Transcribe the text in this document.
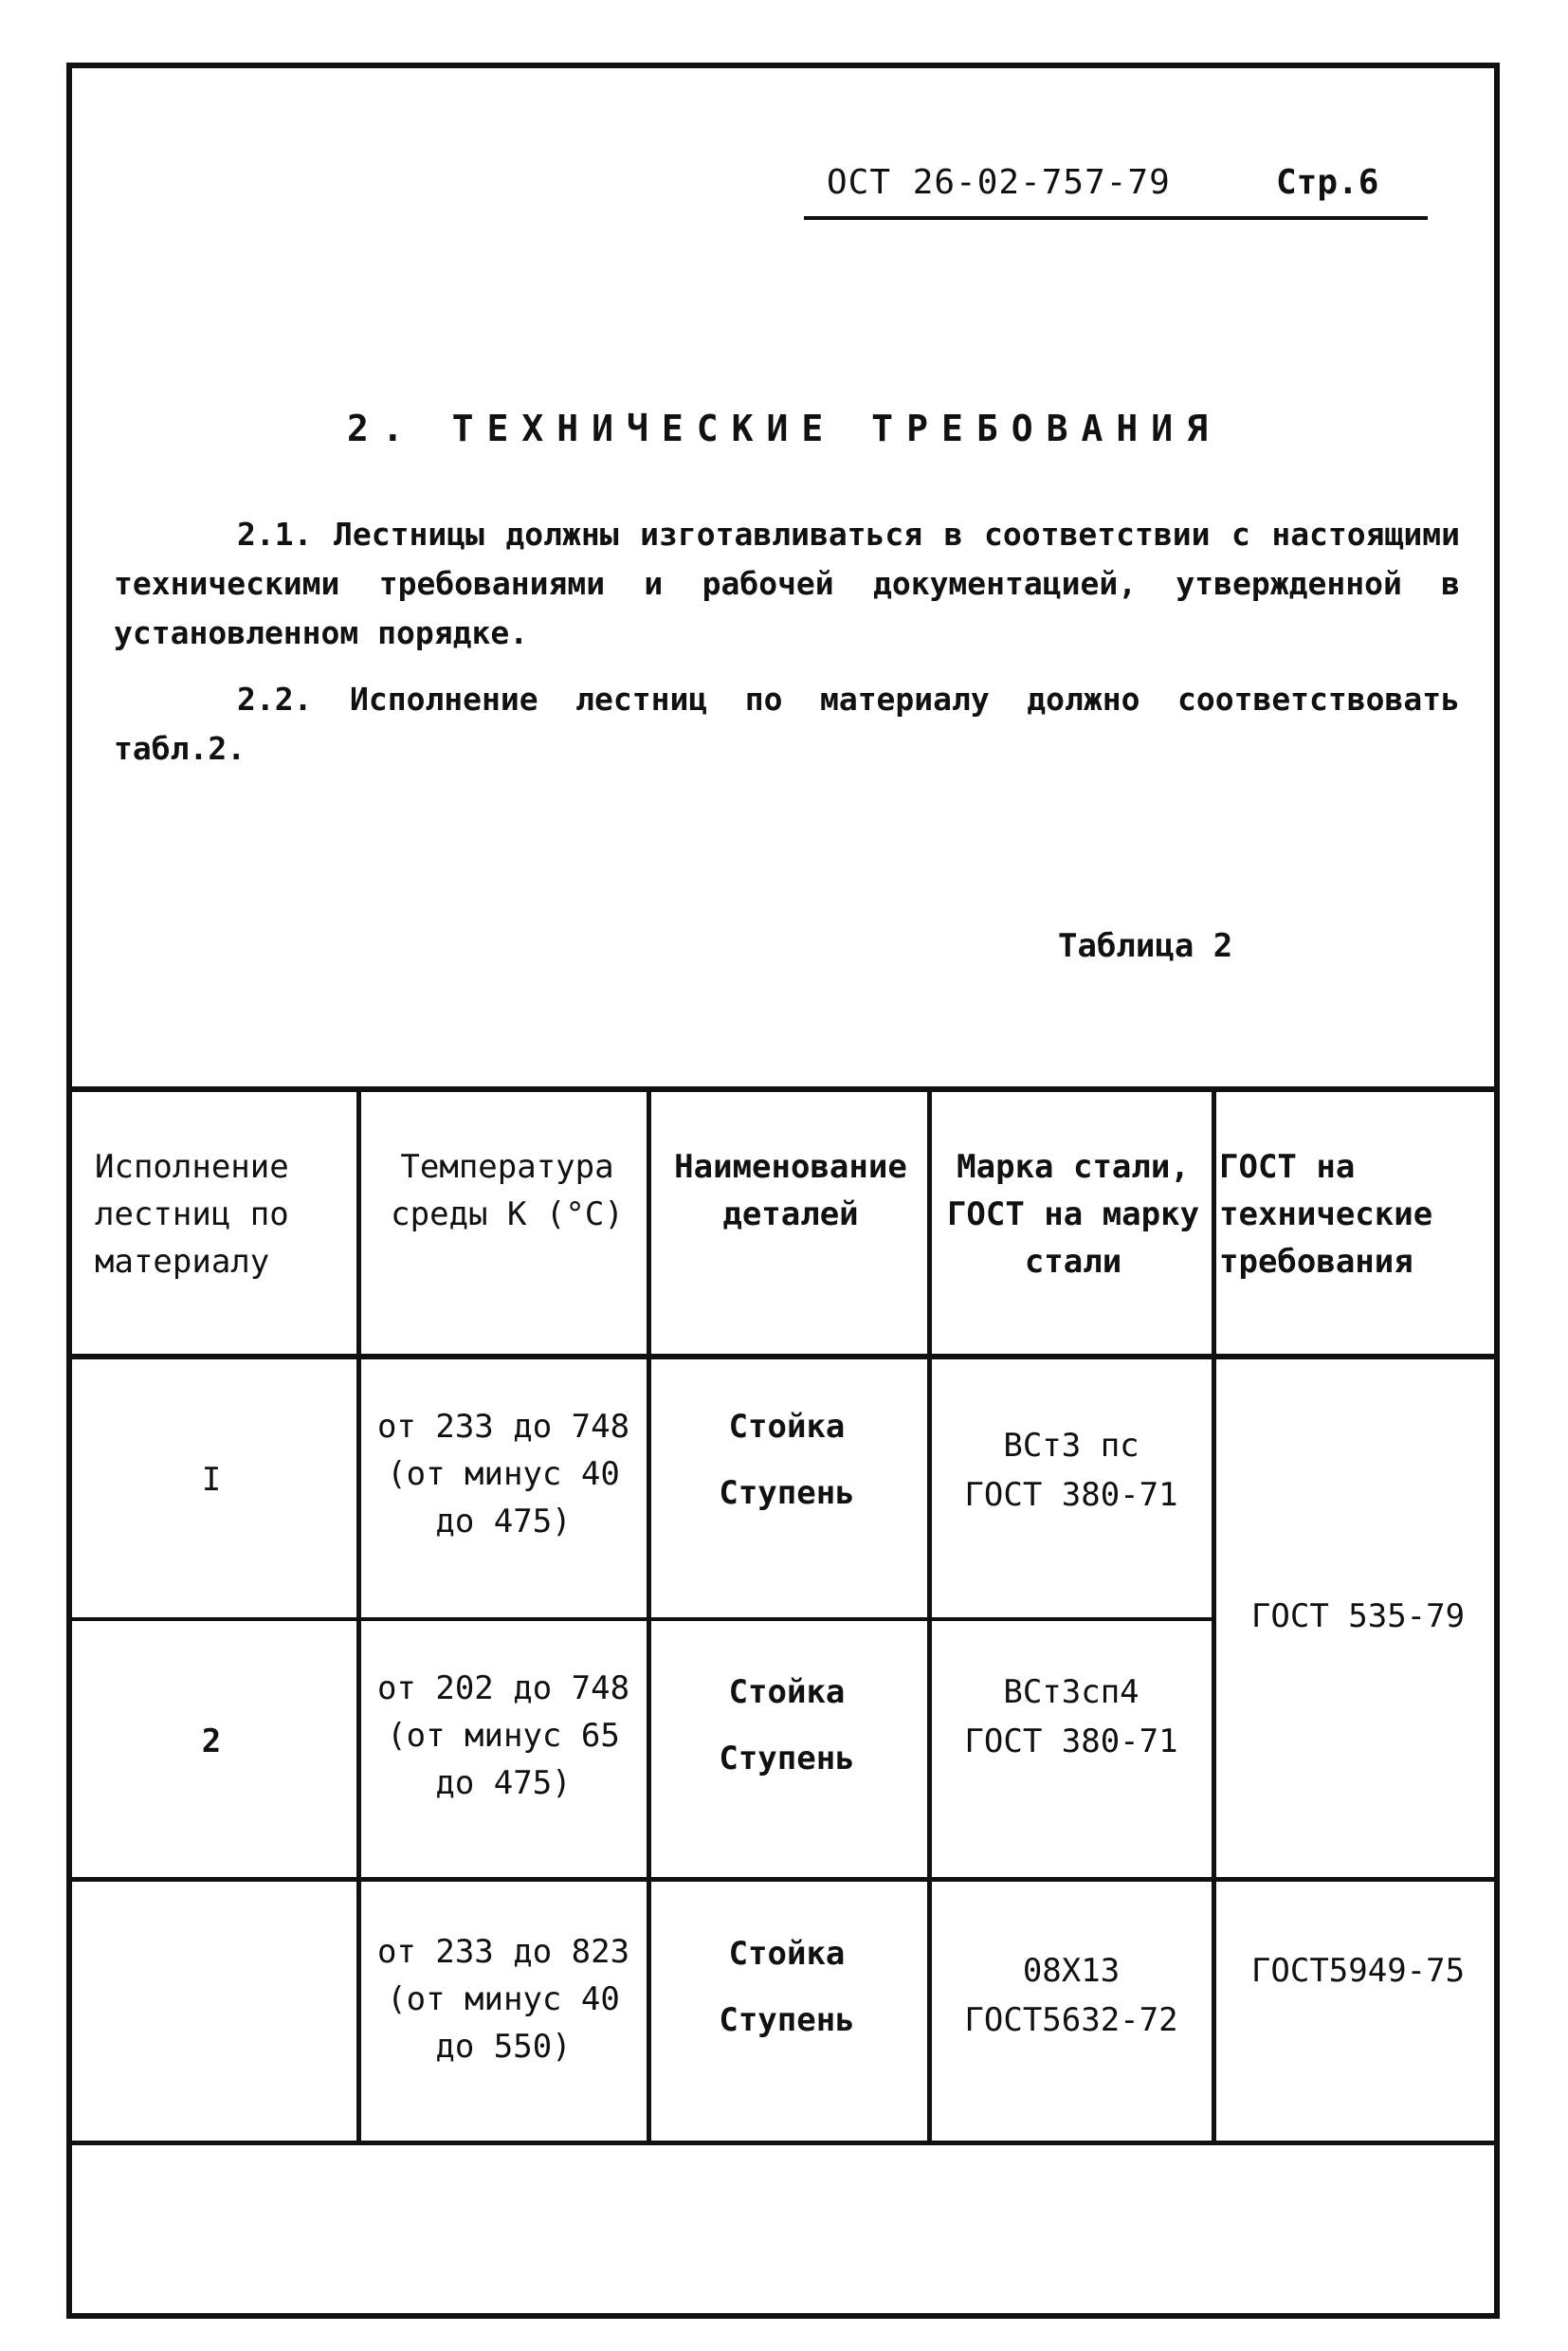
ОСТ 26-02-757-79	Стр.6
2. ТЕХНИЧЕСКИЕ ТРЕБОВАНИЯ
2.1. Лестницы должны изготавливаться в соответствии с настоящими техническими требованиями и рабочей документацией, утвержденной в установленном порядке.
2.2. Исполнение лестниц по материалу должно соответствовать табл.2.
Таблица 2
Исполнение лестниц по материалу
Температура среды К (°С)
Наименование деталей
Марка стали, ГОСТ на марку стали
ГОСТ на технические требования
I
от 233 до 748
(от минус 40
до 475)
Стойка
Ступень
ВСт3 пс
ГОСТ 380-71
2
от 202 до 748
(от минус 65
до 475)
Стойка
Ступень
ВСт3сп4
ГОСТ 380-71
ГОСТ 535-79
от 233 до 823
(от минус 40
до 550)
Стойка
Ступень
08Х13
ГОСТ5632-72
ГОСТ5949-75
